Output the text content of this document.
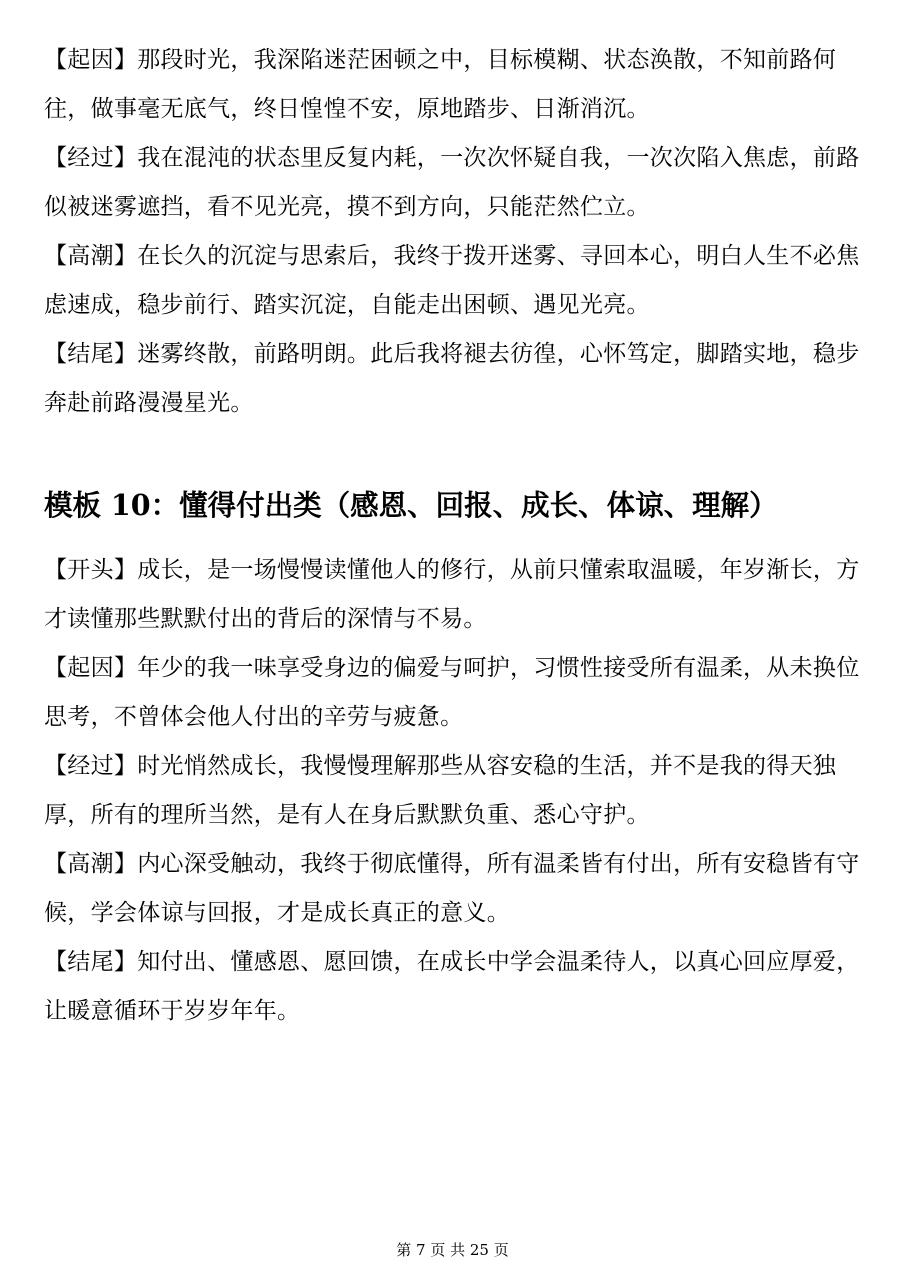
【起因】那段时光，我深陷迷茫困顿之中，目标模糊、状态涣散，不知前路何往，做事毫无底气，终日惶惶不安，原地踏步、日渐消沉。

【经过】我在混沌的状态里反复内耗，一次次怀疑自我，一次次陷入焦虑，前路似被迷雾遮挡，看不见光亮，摸不到方向，只能茫然伫立。

【高潮】在长久的沉淀与思索后，我终于拨开迷雾、寻回本心，明白人生不必焦虑速成，稳步前行、踏实沉淀，自能走出困顿、遇见光亮。

【结尾】迷雾终散，前路明朗。此后我将褪去彷徨，心怀笃定，脚踏实地，稳步奔赴前路漫漫星光。

模板 10：懂得付出类（感恩、回报、成长、体谅、理解）

【开头】成长，是一场慢慢读懂他人的修行，从前只懂索取温暖，年岁渐长，方才读懂那些默默付出的背后的深情与不易。

【起因】年少的我一味享受身边的偏爱与呵护，习惯性接受所有温柔，从未换位思考，不曾体会他人付出的辛劳与疲惫。

【经过】时光悄然成长，我慢慢理解那些从容安稳的生活，并不是我的得天独厚，所有的理所当然，是有人在身后默默负重、悉心守护。

【高潮】内心深受触动，我终于彻底懂得，所有温柔皆有付出，所有安稳皆有守候，学会体谅与回报，才是成长真正的意义。

【结尾】知付出、懂感恩、愿回馈，在成长中学会温柔待人，以真心回应厚爱，让暖意循环于岁岁年年。

第 7 页 共 25 页
